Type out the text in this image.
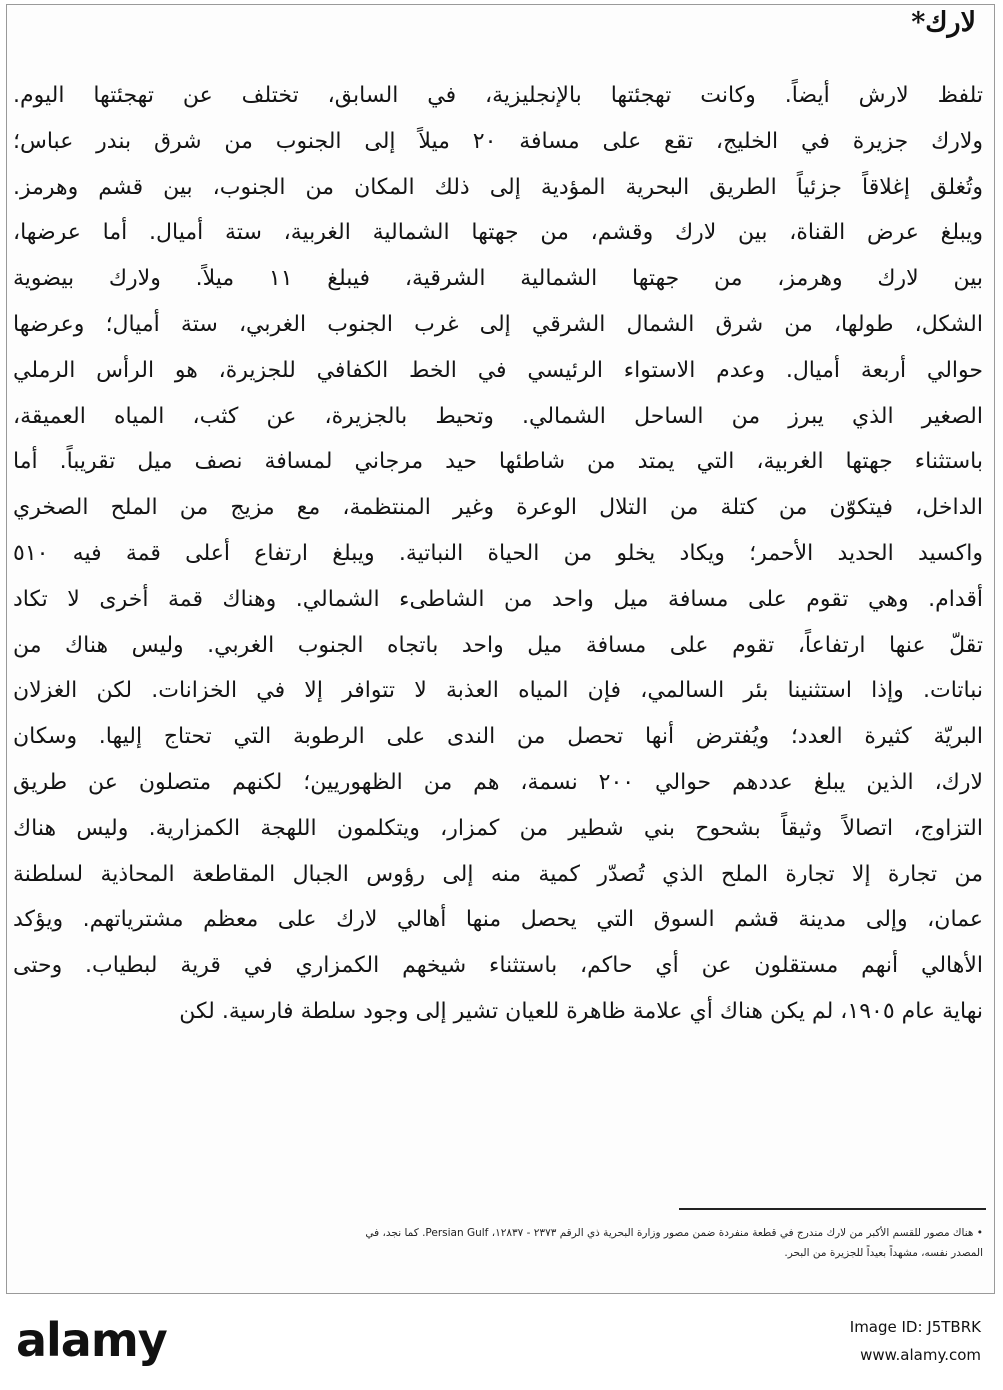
لارك*
تلفظ لارش أيضاً. وكانت تهجئتها بالإنجليزية، في السابق، تختلف عن تهجئتها اليوم.
ولارك جزيرة في الخليج، تقع على مسافة ٢٠ ميلاً إلى الجنوب من شرق بندر عباس؛
وتُغلق إغلاقاً جزئياً الطريق البحرية المؤدية إلى ذلك المكان من الجنوب، بين قشم وهرمز.
ويبلغ عرض القناة، بين لارك وقشم، من جهتها الشمالية الغربية، ستة أميال. أما عرضها،
بين لارك وهرمز، من جهتها الشمالية الشرقية، فيبلغ ١١ ميلاً. ولارك بيضوية
الشكل، طولها، من شرق الشمال الشرقي إلى غرب الجنوب الغربي، ستة أميال؛ وعرضها
حوالي أربعة أميال. وعدم الاستواء الرئيسي في الخط الكفافي للجزيرة، هو الرأس الرملي
الصغير الذي يبرز من الساحل الشمالي. وتحيط بالجزيرة، عن كثب، المياه العميقة،
باستثناء جهتها الغربية، التي يمتد من شاطئها حيد مرجاني لمسافة نصف ميل تقريباً. أما
الداخل، فيتكوّن من كتلة من التلال الوعرة وغير المنتظمة، مع مزيج من الملح الصخري
واكسيد الحديد الأحمر؛ ويكاد يخلو من الحياة النباتية. ويبلغ ارتفاع أعلى قمة فيه ٥١٠
أقدام. وهي تقوم على مسافة ميل واحد من الشاطىء الشمالي. وهناك قمة أخرى لا تكاد
تقلّ عنها ارتفاعاً، تقوم على مسافة ميل واحد باتجاه الجنوب الغربي. وليس هناك من
نباتات. وإذا استثنينا بئر السالمي، فإن المياه العذبة لا تتوافر إلا في الخزانات. لكن الغزلان
البريّة كثيرة العدد؛ ويُفترض أنها تحصل من الندى على الرطوبة التي تحتاج إليها. وسكان
لارك، الذين يبلغ عددهم حوالي ٢٠٠ نسمة، هم من الظهوريين؛ لكنهم متصلون عن طريق
التزاوج، اتصالاً وثيقاً بشحوح بني شطير من كمزار، ويتكلمون اللهجة الكمزارية. وليس هناك
من تجارة إلا تجارة الملح الذي تُصدّر كمية منه إلى رؤوس الجبال المقاطعة المحاذية لسلطنة
عمان، وإلى مدينة قشم السوق التي يحصل منها أهالي لارك على معظم مشترياتهم. ويؤكد
الأهالي أنهم مستقلون عن أي حاكم، باستثناء شيخهم الكمزاري في قرية لبطياب. وحتى
نهاية عام ١٩٠٥، لم يكن هناك أي علامة ظاهرة للعيان تشير إلى وجود سلطة فارسية. لكن
• هناك مصور للقسم الأكبر من لارك مندرج في قطعة منفردة ضمن مصور وزارة البحرية ذي الرقم ٢٣٧٣ - ١٢٨٣٧، Persian Gulf. كما نجد، في
المصدر نفسه، مشهداً بعيداً للجزيرة من البحر.
alamy	Image ID: J5TBRK
www.alamy.com
